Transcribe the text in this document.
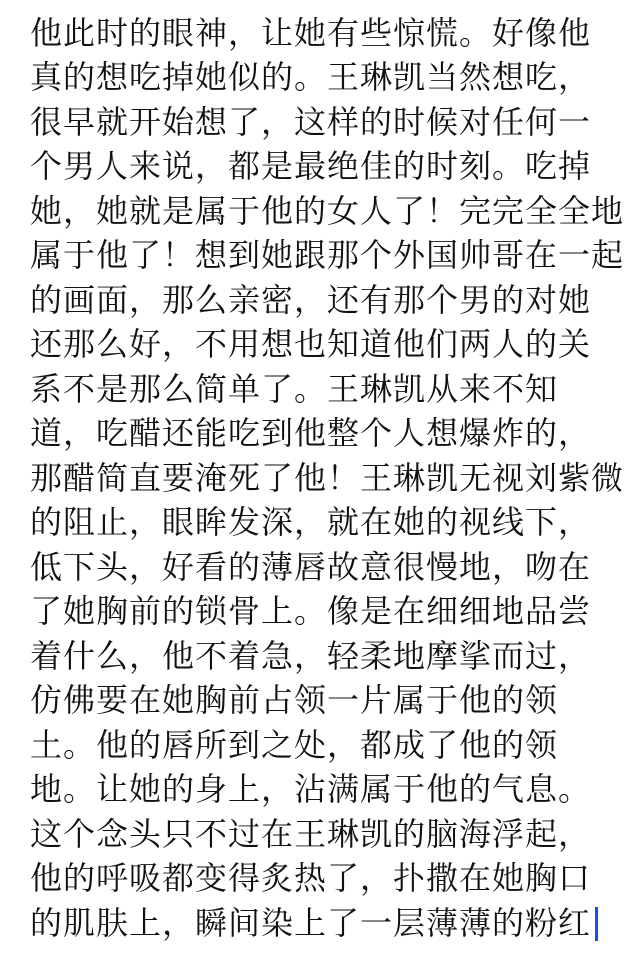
他此时的眼神，让她有些惊慌。好像他
真的想吃掉她似的。王琳凯当然想吃，
很早就开始想了，这样的时候对任何一
个男人来说，都是最绝佳的时刻。吃掉
她，她就是属于他的女人了！完完全全地
属于他了！想到她跟那个外国帅哥在一起
的画面，那么亲密，还有那个男的对她
还那么好，不用想也知道他们两人的关
系不是那么简单了。王琳凯从来不知
道，吃醋还能吃到他整个人想爆炸的，
那醋简直要淹死了他！王琳凯无视刘紫微
的阻止，眼眸发深，就在她的视线下，
低下头，好看的薄唇故意很慢地，吻在
了她胸前的锁骨上。像是在细细地品尝
着什么，他不着急，轻柔地摩挲而过，
仿佛要在她胸前占领一片属于他的领
土。他的唇所到之处，都成了他的领
地。让她的身上，沾满属于他的气息。
这个念头只不过在王琳凯的脑海浮起，
他的呼吸都变得炙热了，扑撒在她胸口
的肌肤上，瞬间染上了一层薄薄的粉红
